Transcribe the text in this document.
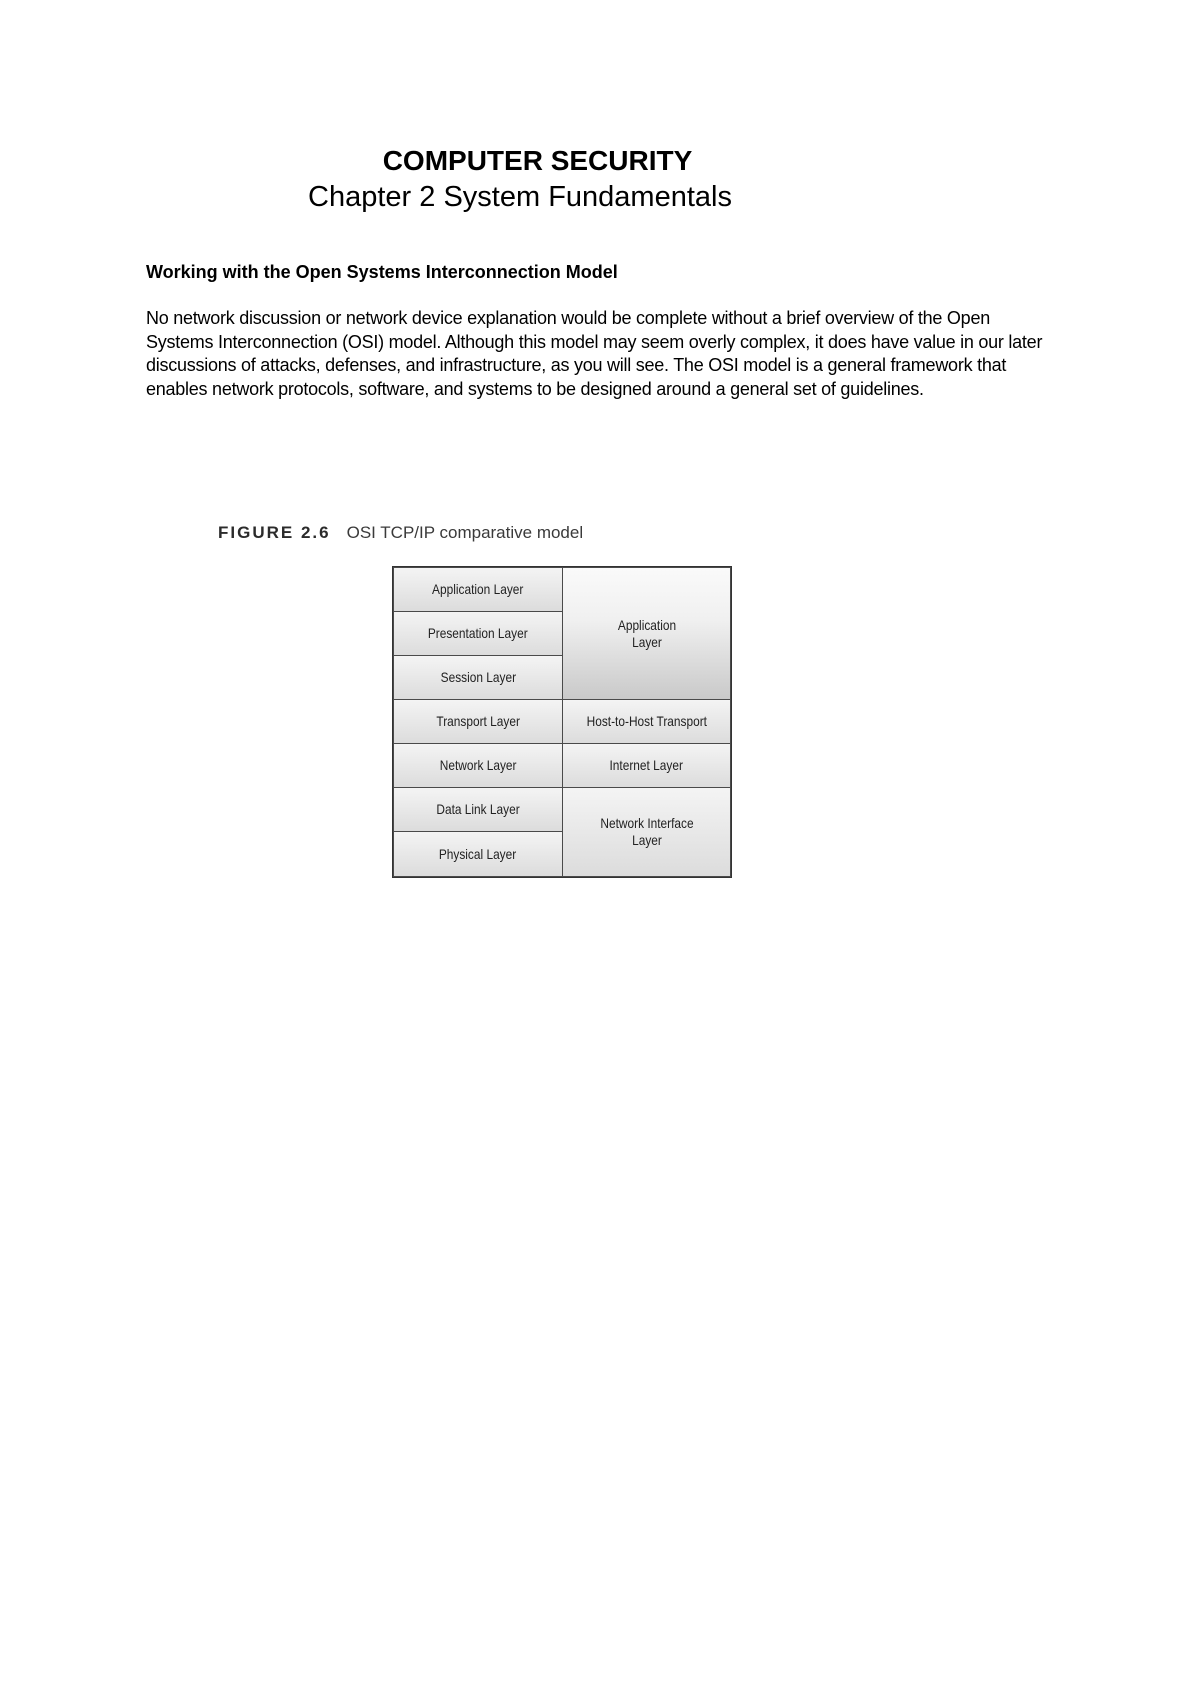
COMPUTER SECURITY
Chapter 2 System Fundamentals
Working with the Open Systems Interconnection Model
No network discussion or network device explanation would be complete without a brief overview of the Open Systems Interconnection (OSI) model. Although this model may seem overly complex, it does have value in our later discussions of attacks, defenses, and infrastructure, as you will see. The OSI model is a general framework that enables network protocols, software, and systems to be designed around a general set of guidelines.
FIGURE 2.6 OSI TCP/IP comparative model
Application Layer
Presentation Layer
Session Layer
Transport Layer
Network Layer
Data Link Layer
Physical Layer
Application Layer
Host-to-Host Transport
Internet Layer
Network Interface Layer
